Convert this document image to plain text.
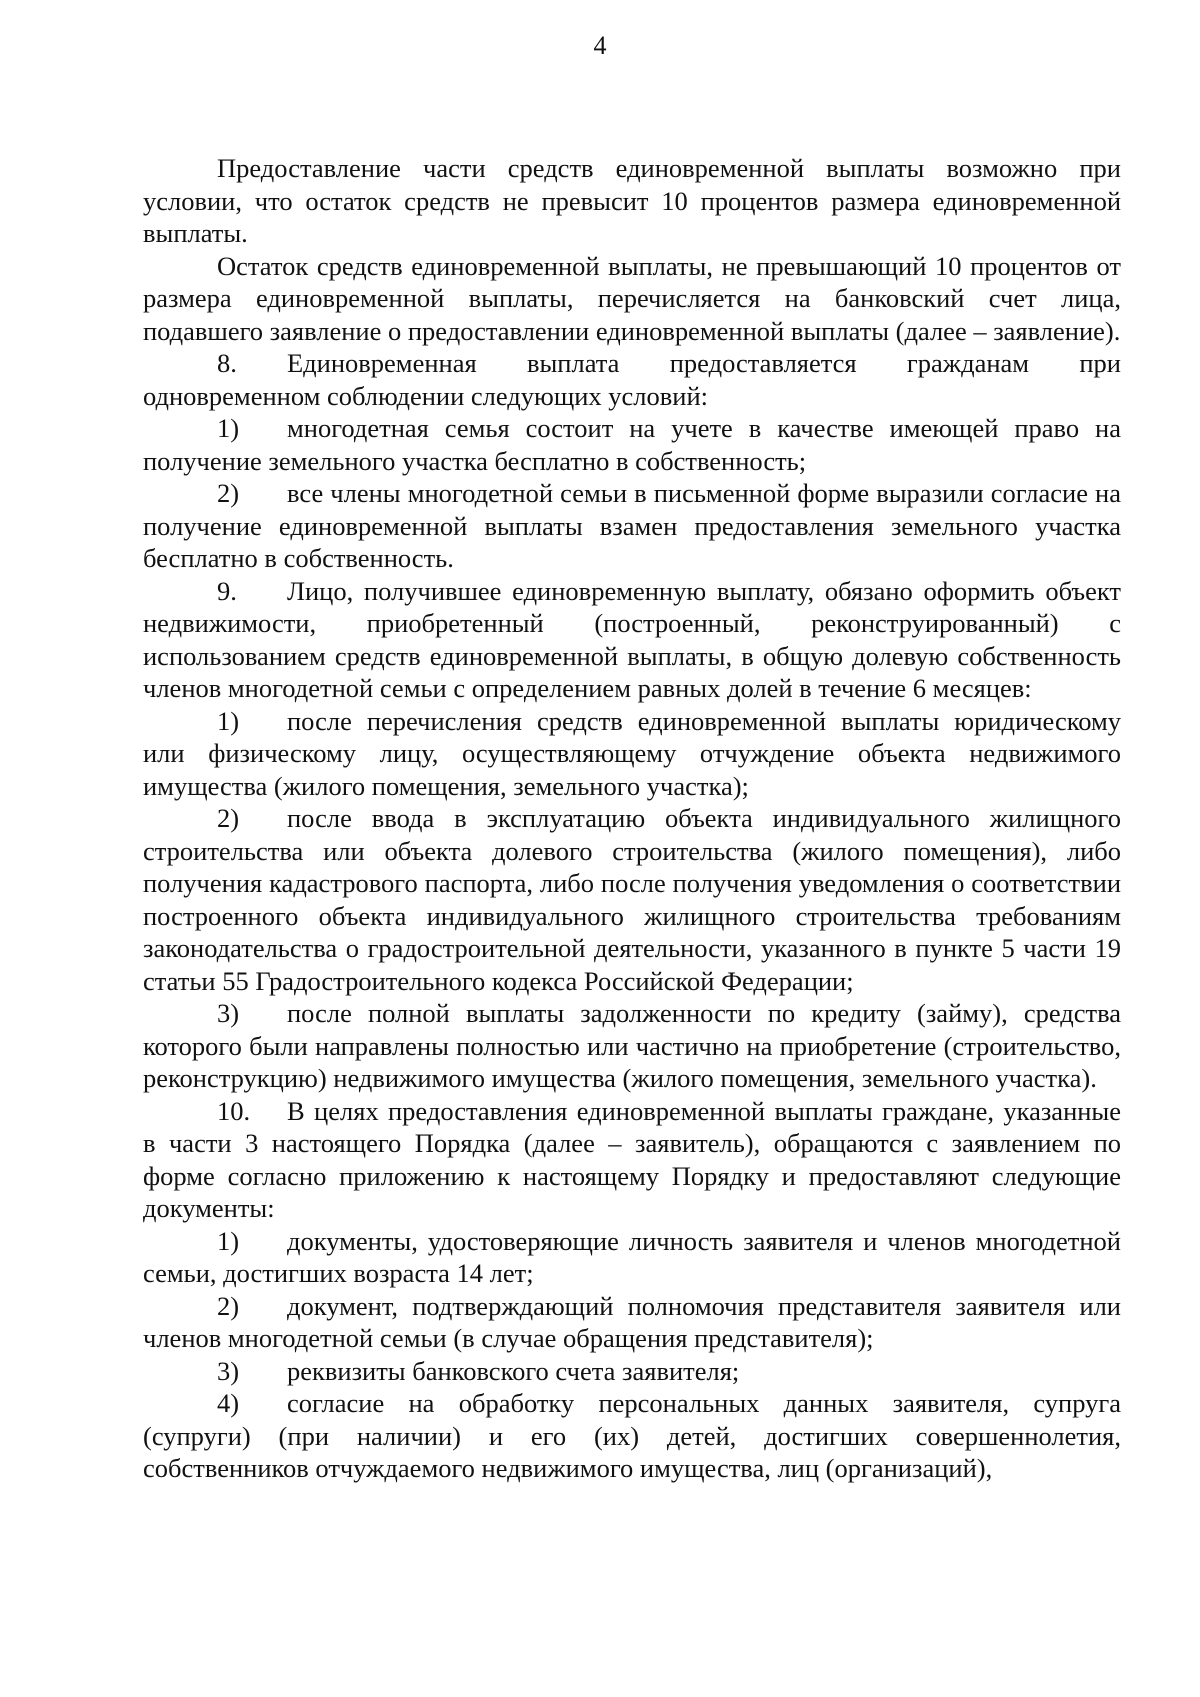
4

Предоставление части средств единовременной выплаты возможно при условии, что остаток средств не превысит 10 процентов размера единовременной выплаты.

Остаток средств единовременной выплаты, не превышающий 10 процентов от размера единовременной выплаты, перечисляется на банковский счет лица, подавшего заявление о предоставлении единовременной выплаты (далее – заявление).

8. Единовременная выплата предоставляется гражданам при одновременном соблюдении следующих условий:

1) многодетная семья состоит на учете в качестве имеющей право на получение земельного участка бесплатно в собственность;

2) все члены многодетной семьи в письменной форме выразили согласие на получение единовременной выплаты взамен предоставления земельного участка бесплатно в собственность.

9. Лицо, получившее единовременную выплату, обязано оформить объект недвижимости, приобретенный (построенный, реконструированный) с использованием средств единовременной выплаты, в общую долевую собственность членов многодетной семьи с определением равных долей в течение 6 месяцев:

1) после перечисления средств единовременной выплаты юридическому или физическому лицу, осуществляющему отчуждение объекта недвижимого имущества (жилого помещения, земельного участка);

2) после ввода в эксплуатацию объекта индивидуального жилищного строительства или объекта долевого строительства (жилого помещения), либо получения кадастрового паспорта, либо после получения уведомления о соответствии построенного объекта индивидуального жилищного строительства требованиям законодательства о градостроительной деятельности, указанного в пункте 5 части 19 статьи 55 Градостроительного кодекса Российской Федерации;

3) после полной выплаты задолженности по кредиту (займу), средства которого были направлены полностью или частично на приобретение (строительство, реконструкцию) недвижимого имущества (жилого помещения, земельного участка).

10. В целях предоставления единовременной выплаты граждане, указанные в части 3 настоящего Порядка (далее – заявитель), обращаются с заявлением по форме согласно приложению к настоящему Порядку и предоставляют следующие документы:

1) документы, удостоверяющие личность заявителя и членов многодетной семьи, достигших возраста 14 лет;

2) документ, подтверждающий полномочия представителя заявителя или членов многодетной семьи (в случае обращения представителя);

3) реквизиты банковского счета заявителя;

4) согласие на обработку персональных данных заявителя, супруга (супруги) (при наличии) и его (их) детей, достигших совершеннолетия, собственников отчуждаемого недвижимого имущества, лиц (организаций),
